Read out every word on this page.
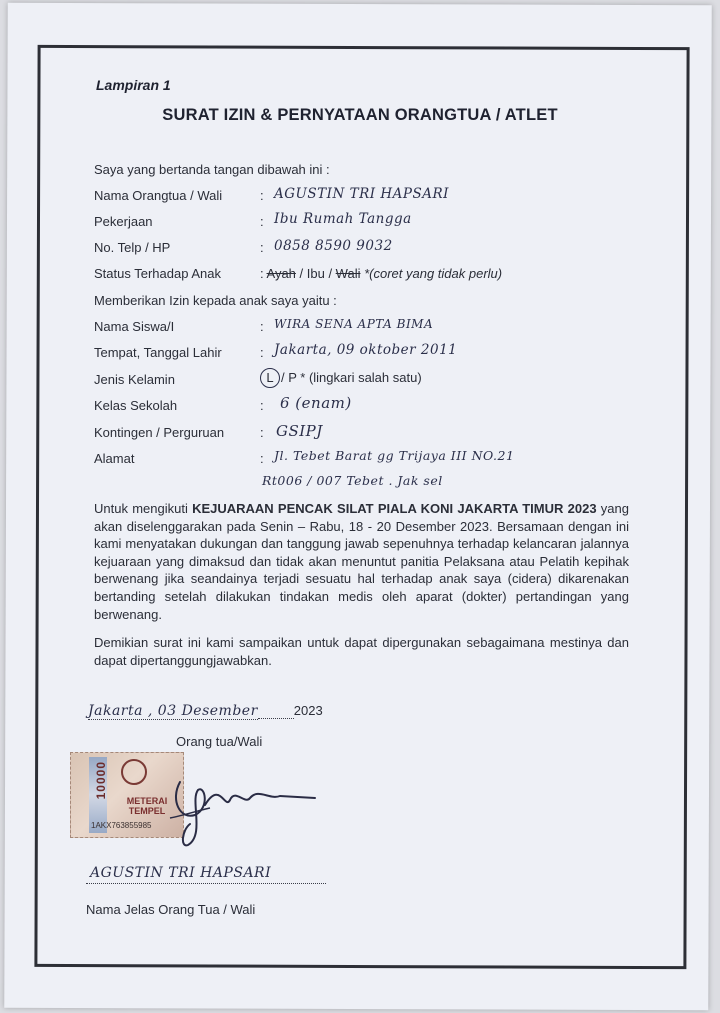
Lampiran 1
SURAT IZIN & PERNYATAAN ORANGTUA / ATLET
Saya yang bertanda tangan dibawah ini :
Nama Orangtua / Wali	: AGUSTIN TRI HAPSARI
Pekerjaan	: Ibu Rumah Tangga
No. Telp / HP	: 0858 8590 9032
Status Terhadap Anak	: Ayah / Ibu / Wali *(coret yang tidak perlu)
Memberikan Izin kepada anak saya yaitu :
Nama Siswa/I	: WIRA SENA APTA BIMA
Tempat, Tanggal Lahir	: Jakarta, 09 oktober 2011
Jenis Kelamin	L / P * (lingkari salah satu)
Kelas Sekolah	: 6 (enam)
Kontingen / Perguruan	: GSIPJ
Alamat	: Jl. Tebet Barat gg Trijaya III NO.21
Rt006 / 007 Tebet . Jak sel
Untuk mengikuti KEJUARAAN PENCAK SILAT PIALA KONI JAKARTA TIMUR 2023 yang akan diselenggarakan pada Senin – Rabu, 18 - 20 Desember 2023. Bersamaan dengan ini kami menyatakan dukungan dan tanggung jawab sepenuhnya terhadap kelancaran jalannya kejuaraan yang dimaksud dan tidak akan menuntut panitia Pelaksana atau Pelatih kepihak berwenang jika seandainya terjadi sesuatu hal terhadap anak saya (cidera) dikarenakan bertanding setelah dilakukan tindakan medis oleh aparat (dokter) pertandingan yang berwenang.
Demikian surat ini kami sampaikan untuk dapat dipergunakan sebagaimana mestinya dan dapat dipertanggungjawabkan.
Jakarta , 03 Desember	2023
Orang tua/Wali
10000
METERAI TEMPEL
1AKX763855985
AGUSTIN TRI HAPSARI
Nama Jelas Orang Tua / Wali
